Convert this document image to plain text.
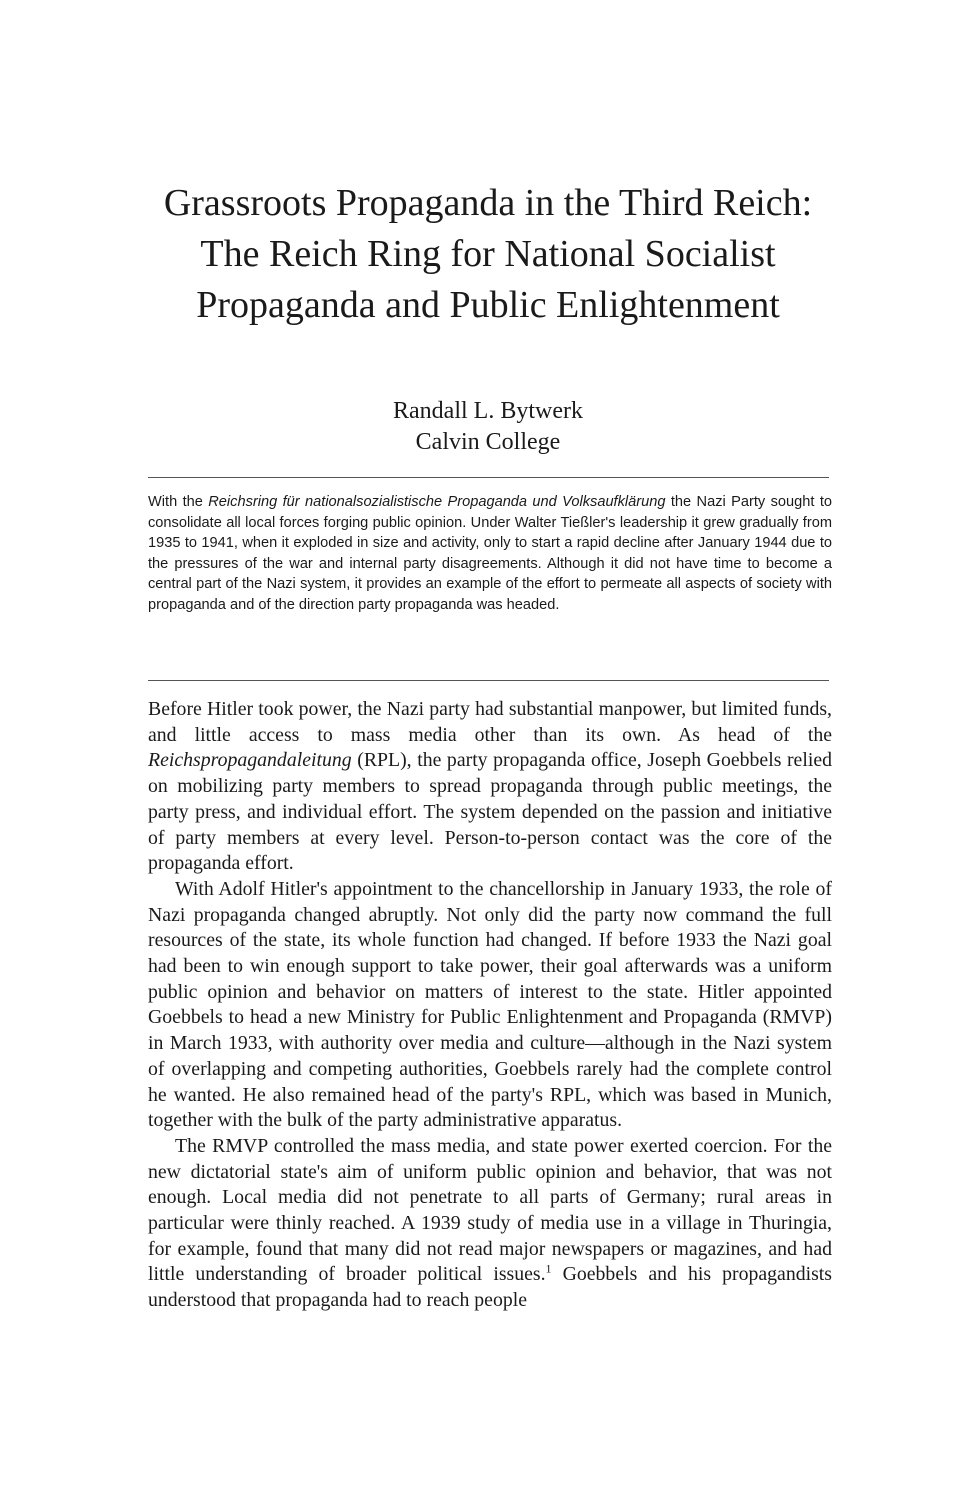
Grassroots Propaganda in the Third Reich:
The Reich Ring for National Socialist
Propaganda and Public Enlightenment
Randall L. Bytwerk
Calvin College

With the Reichsring für nationalsozialistische Propaganda und Volksaufklärung the Nazi Party sought to consolidate all local forces forging public opinion. Under Walter Tießler's leadership it grew gradually from 1935 to 1941, when it exploded in size and activity, only to start a rapid decline after January 1944 due to the pressures of the war and internal party disagreements. Although it did not have time to become a central part of the Nazi system, it provides an example of the effort to permeate all aspects of society with propaganda and of the direction party propaganda was headed.

Before Hitler took power, the Nazi party had substantial manpower, but limited funds, and little access to mass media other than its own. As head of the Reichspropagandaleitung (RPL), the party propaganda office, Joseph Goebbels relied on mobilizing party members to spread propaganda through public meetings, the party press, and individual effort. The system depended on the passion and initiative of party members at every level. Person-to-person contact was the core of the propaganda effort.

With Adolf Hitler's appointment to the chancellorship in January 1933, the role of Nazi propaganda changed abruptly. Not only did the party now command the full resources of the state, its whole function had changed. If before 1933 the Nazi goal had been to win enough support to take power, their goal afterwards was a uniform public opinion and behavior on matters of interest to the state. Hitler appointed Goebbels to head a new Ministry for Public Enlightenment and Propaganda (RMVP) in March 1933, with authority over media and culture—although in the Nazi system of overlapping and competing authorities, Goebbels rarely had the complete control he wanted. He also remained head of the party's RPL, which was based in Munich, together with the bulk of the party administrative apparatus.

The RMVP controlled the mass media, and state power exerted coercion. For the new dictatorial state's aim of uniform public opinion and behavior, that was not enough. Local media did not penetrate to all parts of Germany; rural areas in particular were thinly reached. A 1939 study of media use in a village in Thuringia, for example, found that many did not read major newspapers or magazines, and had little understanding of broader political issues.$^1$ Goebbels and his propagandists understood that propaganda had to reach people
